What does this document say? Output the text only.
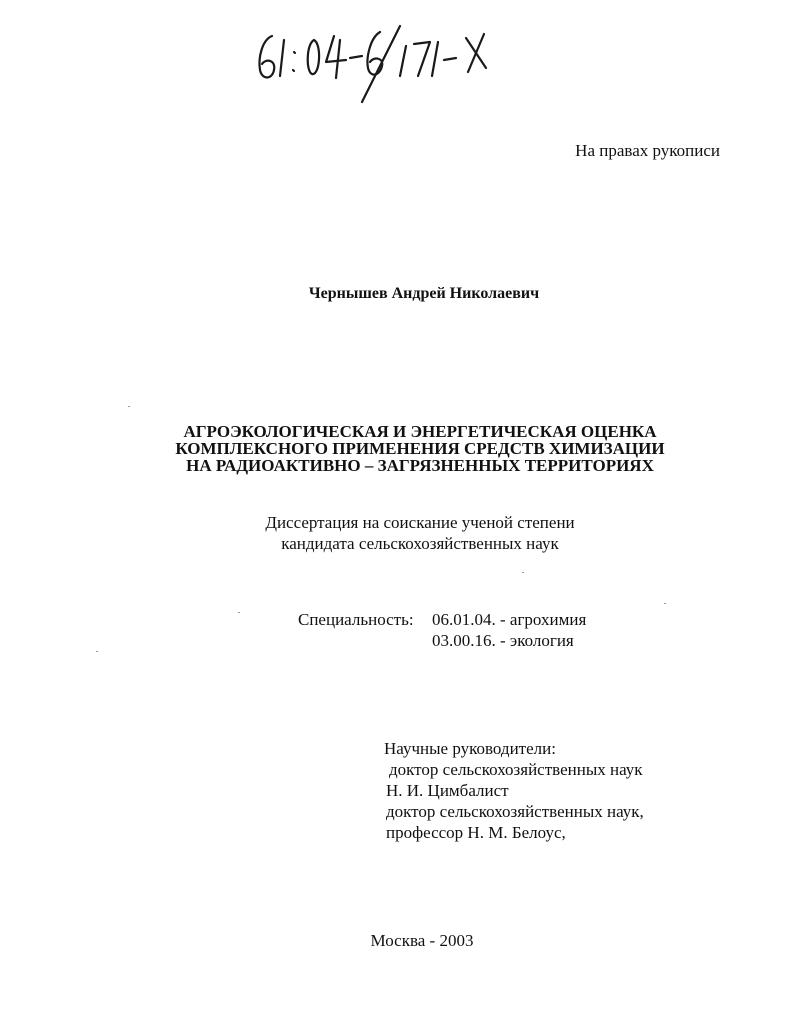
На правах рукописи
Чернышев Андрей Николаевич
АГРОЭКОЛОГИЧЕСКАЯ И ЭНЕРГЕТИЧЕСКАЯ ОЦЕНКА
КОМПЛЕКСНОГО ПРИМЕНЕНИЯ СРЕДСТВ ХИМИЗАЦИИ
НА РАДИОАКТИВНО – ЗАГРЯЗНЕННЫХ ТЕРРИТОРИЯХ
Диссертация на соискание ученой степени
кандидата сельскохозяйственных наук
Специальность: 06.01.04. - агрохимия
03.00.16. - экология
Научные руководители:
доктор сельскохозяйственных наук
Н. И. Цимбалист
доктор сельскохозяйственных наук,
профессор Н. М. Белоус,
Москва - 2003
